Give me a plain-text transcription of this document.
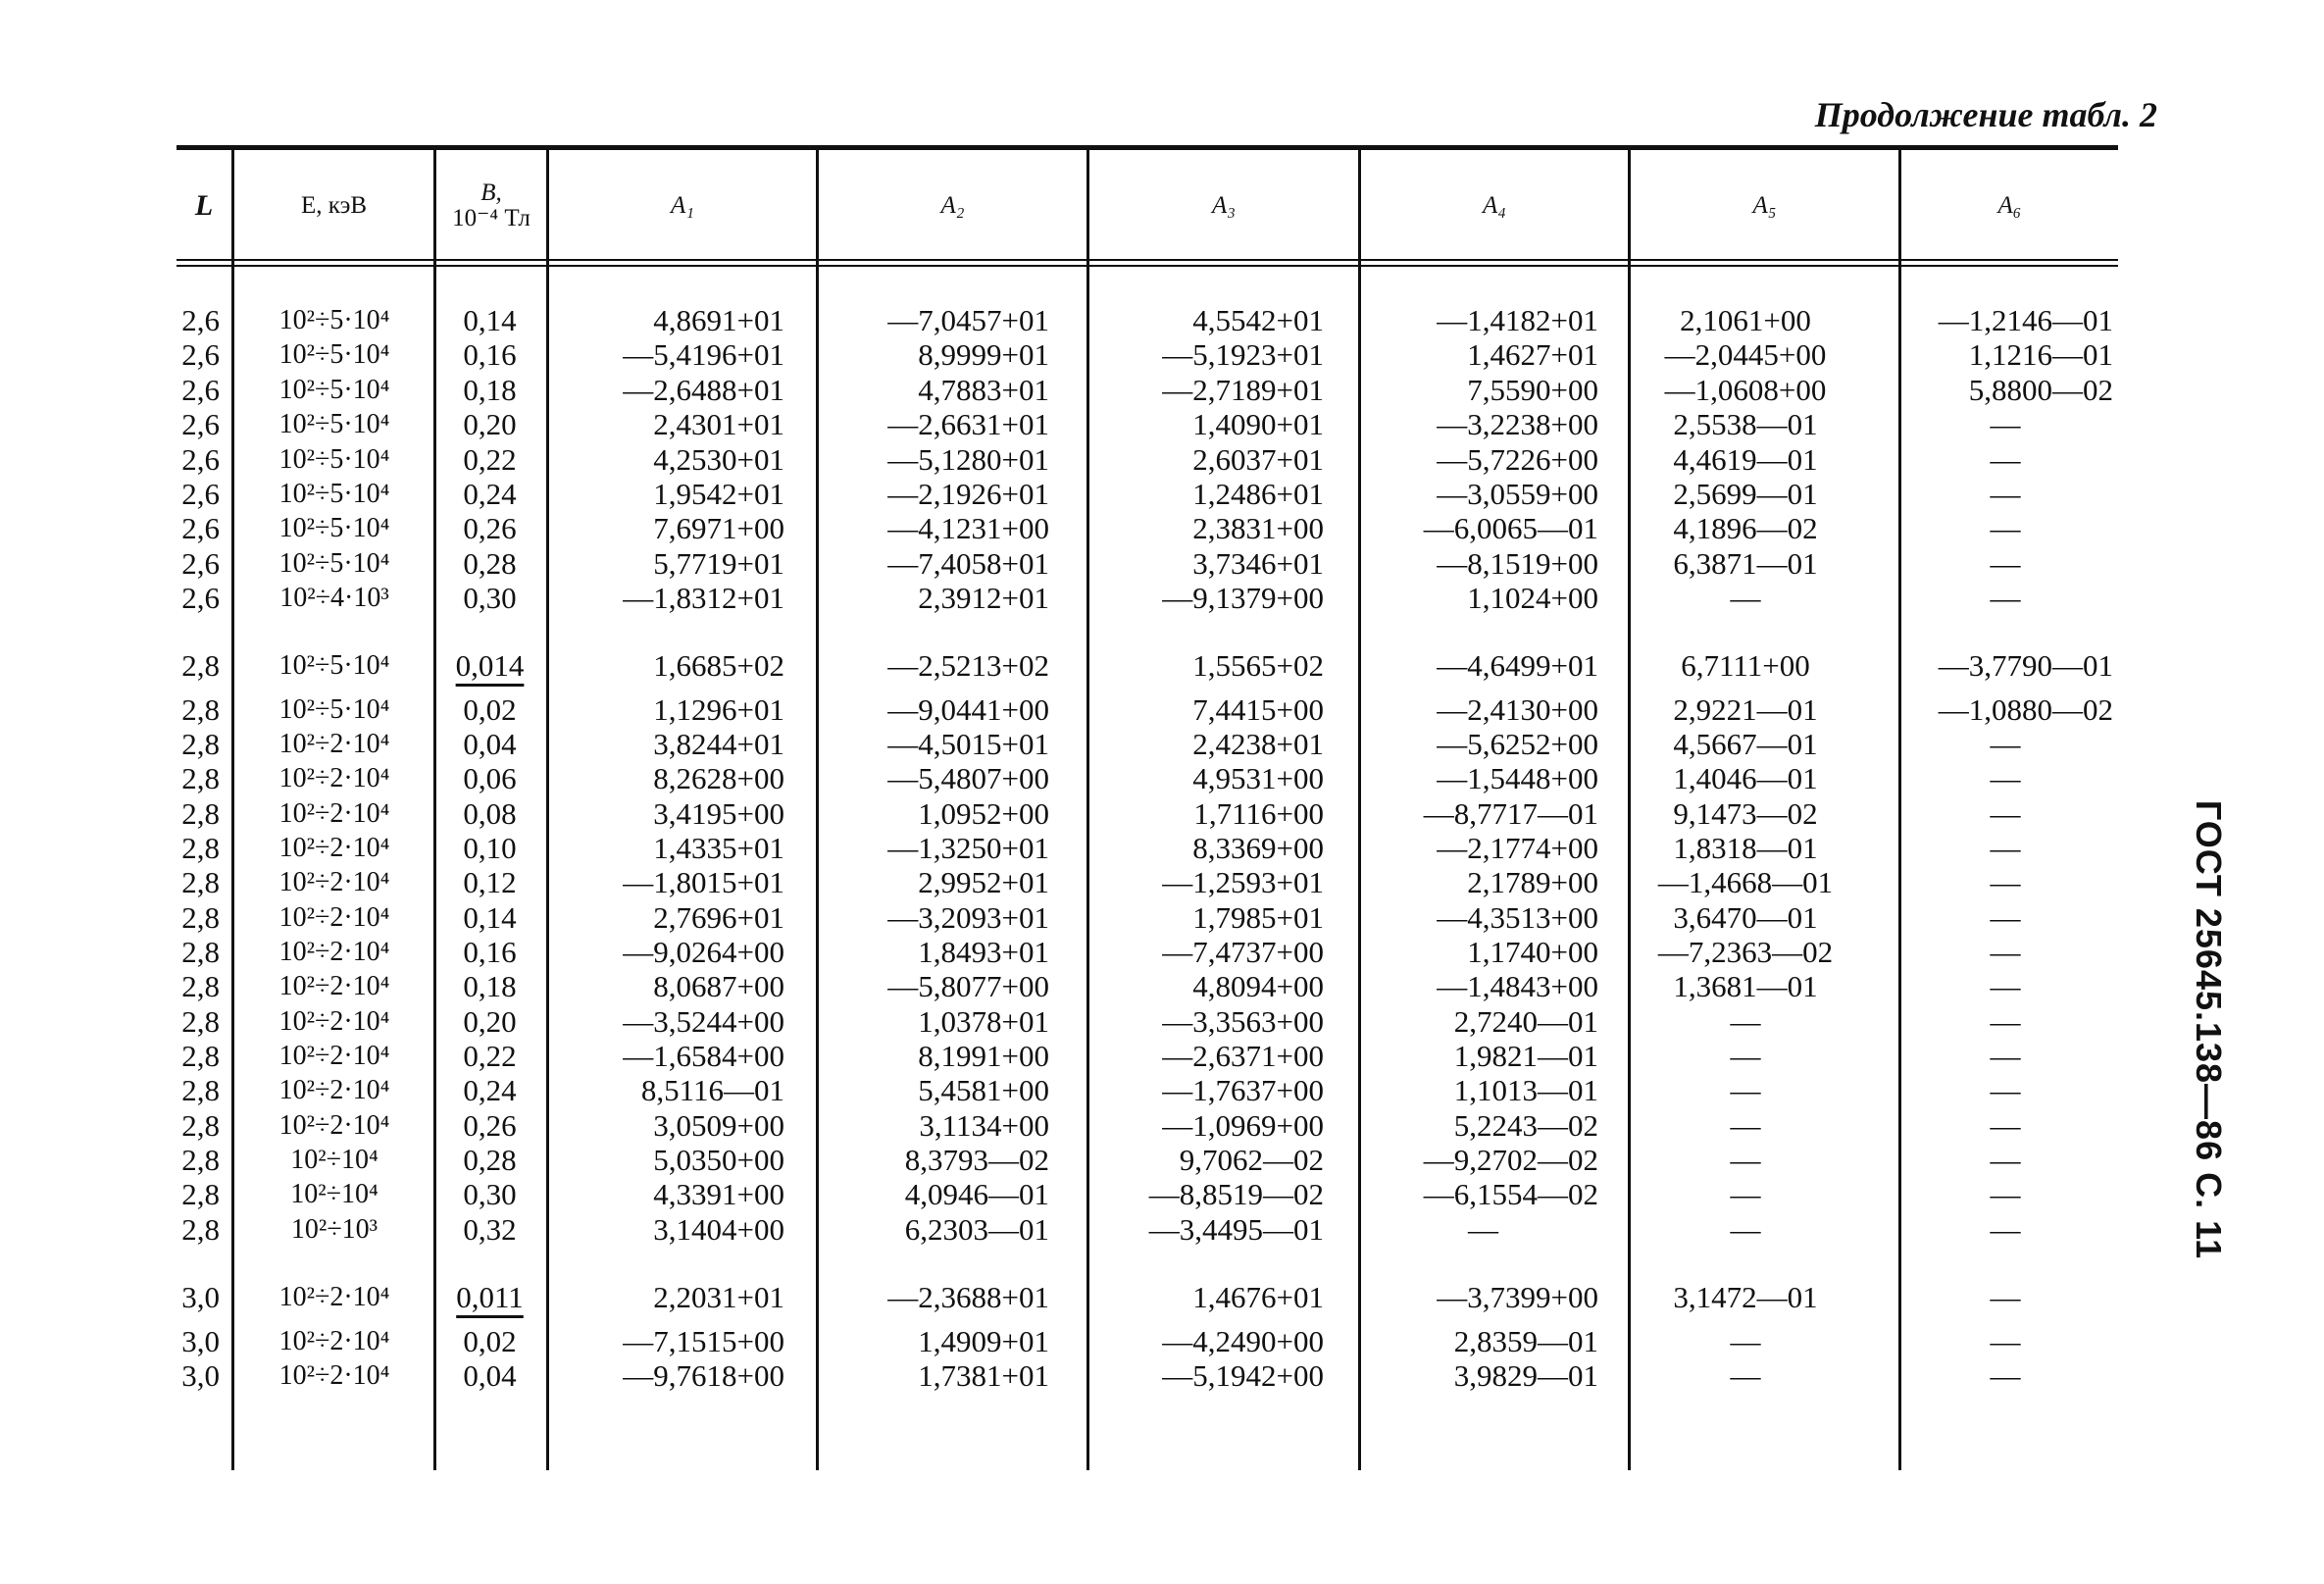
Продолжение табл. 2
ГОСТ 25645.138—86 С. 11
L	E, кэВ	B,
10⁻⁴ Тл	A₁	A₂	A₃	A₄	A₅	A₆
2,6	10²÷5·10⁴	0,14	4,8691+01	—7,0457+01	4,5542+01	—1,4182+01	2,1061+00	—1,2146—01
2,6	10²÷5·10⁴	0,16	—5,4196+01	8,9999+01	—5,1923+01	1,4627+01	—2,0445+00	1,1216—01
2,6	10²÷5·10⁴	0,18	—2,6488+01	4,7883+01	—2,7189+01	7,5590+00	—1,0608+00	5,8800—02
2,6	10²÷5·10⁴	0,20	2,4301+01	—2,6631+01	1,4090+01	—3,2238+00	2,5538—01	—
2,6	10²÷5·10⁴	0,22	4,2530+01	—5,1280+01	2,6037+01	—5,7226+00	4,4619—01	—
2,6	10²÷5·10⁴	0,24	1,9542+01	—2,1926+01	1,2486+01	—3,0559+00	2,5699—01	—
2,6	10²÷5·10⁴	0,26	7,6971+00	—4,1231+00	2,3831+00	—6,0065—01	4,1896—02	—
2,6	10²÷5·10⁴	0,28	5,7719+01	—7,4058+01	3,7346+01	—8,1519+00	6,3871—01	—
2,6	10²÷4·10³	0,30	—1,8312+01	2,3912+01	—9,1379+00	1,1024+00	—	—
2,8	10²÷5·10⁴	0,014	1,6685+02	—2,5213+02	1,5565+02	—4,6499+01	6,7111+00	—3,7790—01
2,8	10²÷5·10⁴	0,02	1,1296+01	—9,0441+00	7,4415+00	—2,4130+00	2,9221—01	—1,0880—02
2,8	10²÷2·10⁴	0,04	3,8244+01	—4,5015+01	2,4238+01	—5,6252+00	4,5667—01	—
2,8	10²÷2·10⁴	0,06	8,2628+00	—5,4807+00	4,9531+00	—1,5448+00	1,4046—01	—
2,8	10²÷2·10⁴	0,08	3,4195+00	1,0952+00	1,7116+00	—8,7717—01	9,1473—02	—
2,8	10²÷2·10⁴	0,10	1,4335+01	—1,3250+01	8,3369+00	—2,1774+00	1,8318—01	—
2,8	10²÷2·10⁴	0,12	—1,8015+01	2,9952+01	—1,2593+01	2,1789+00	—1,4668—01	—
2,8	10²÷2·10⁴	0,14	2,7696+01	—3,2093+01	1,7985+01	—4,3513+00	3,6470—01	—
2,8	10²÷2·10⁴	0,16	—9,0264+00	1,8493+01	—7,4737+00	1,1740+00	—7,2363—02	—
2,8	10²÷2·10⁴	0,18	8,0687+00	—5,8077+00	4,8094+00	—1,4843+00	1,3681—01	—
2,8	10²÷2·10⁴	0,20	—3,5244+00	1,0378+01	—3,3563+00	2,7240—01	—	—
2,8	10²÷2·10⁴	0,22	—1,6584+00	8,1991+00	—2,6371+00	1,9821—01	—	—
2,8	10²÷2·10⁴	0,24	8,5116—01	5,4581+00	—1,7637+00	1,1013—01	—	—
2,8	10²÷2·10⁴	0,26	3,0509+00	3,1134+00	—1,0969+00	5,2243—02	—	—
2,8	10²÷10⁴	0,28	5,0350+00	8,3793—02	9,7062—02	—9,2702—02	—	—
2,8	10²÷10⁴	0,30	4,3391+00	4,0946—01	—8,8519—02	—6,1554—02	—	—
2,8	10²÷10³	0,32	3,1404+00	6,2303—01	—3,4495—01	—	—	—
3,0	10²÷2·10⁴	0,011	2,2031+01	—2,3688+01	1,4676+01	—3,7399+00	3,1472—01	—
3,0	10²÷2·10⁴	0,02	—7,1515+00	1,4909+01	—4,2490+00	2,8359—01	—	—
3,0	10²÷2·10⁴	0,04	—9,7618+00	1,7381+01	—5,1942+00	3,9829—01	—	—
